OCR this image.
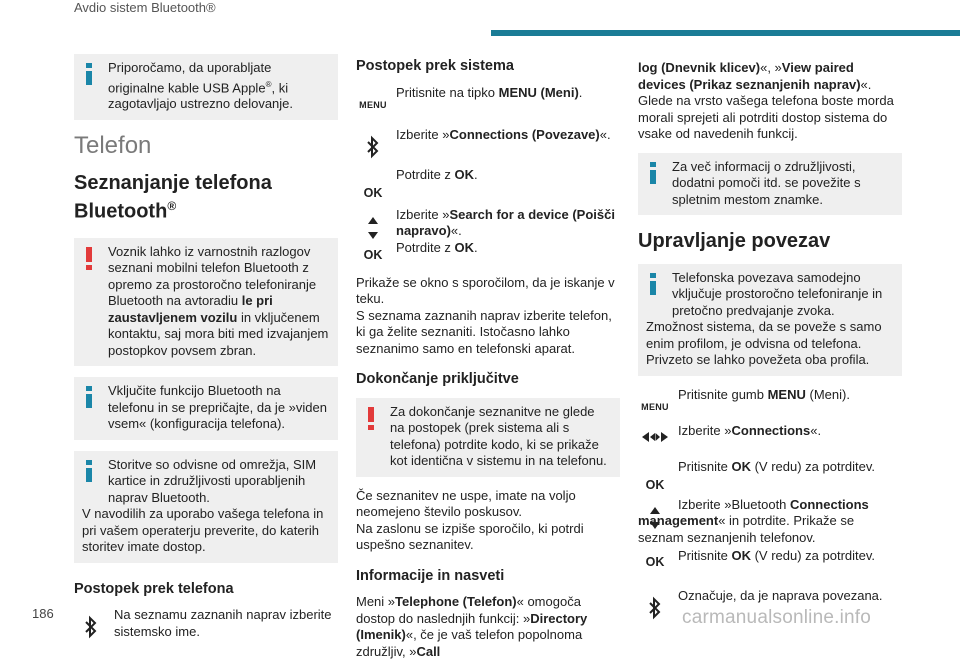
Avdio sistem Bluetooth®

Priporočamo, da uporabljate originalne kable USB Apple®, ki zagotavljajo ustrezno delovanje.

Telefon
Seznanjanje telefona Bluetooth®

Voznik lahko iz varnostnih razlogov seznani mobilni telefon Bluetooth z opremo za prostoročno telefoniranje Bluetooth na avtoradiu le pri zaustavljenem vozilu in vključenem kontaktu, saj mora biti med izvajanjem postopkov povsem zbran.

Vključite funkcijo Bluetooth na telefonu in se prepričajte, da je »viden vsem« (konfiguracija telefona).

Storitve so odvisne od omrežja, SIM kartice in združljivosti uporabljenih naprav Bluetooth.

V navodilih za uporabo vašega telefona in pri vašem operaterju preverite, do katerih storitev imate dostop.

Postopek prek telefona

Na seznamu zaznanih naprav izberite sistemsko ime.

Postopek prek sistema
MENU

Pritisnite na tipko MENU (Meni).

Izberite »Connections (Povezave)«.

OK

Potrdite z OK.

OK

Izberite »Search for a device (Poišči napravo)«.

Potrdite z OK.

Prikaže se okno s sporočilom, da je iskanje v teku.

S seznama zaznanih naprav izberite telefon, ki ga želite seznaniti. Istočasno lahko seznanimo samo en telefonski aparat.

Dokončanje priključitve

Za dokončanje seznanitve ne glede na postopek (prek sistema ali s telefona) potrdite kodo, ki se prikaže kot identična v sistemu in na telefonu.

Če seznanitev ne uspe, imate na voljo neomejeno število poskusov.

Na zaslonu se izpiše sporočilo, ki potrdi uspešno seznanitev.

Informacije in nasveti

Meni »Telephone (Telefon)« omogoča dostop do naslednjih funkcij: »Directory (Imenik)«, če je vaš telefon popolnoma združljiv, »Call

log (Dnevnik klicev)«, »View paired devices (Prikaz seznanjenih naprav)«.

Glede na vrsto vašega telefona boste morda morali sprejeti ali potrditi dostop sistema do vsake od navedenih funkcij.

Za več informacij o združljivosti, dodatni pomoči itd. se povežite s spletnim mestom znamke.

Upravljanje povezav

Telefonska povezava samodejno vključuje prostoročno telefoniranje in pretočno predvajanje zvoka.

Zmožnost sistema, da se poveže s samo enim profilom, je odvisna od telefona.

Privzeto se lahko povežeta oba profila.

MENU

Pritisnite gumb MENU (Meni).

Izberite »Connections«.

OK

Pritisnite OK (V redu) za potrditev.

Izberite »Bluetooth Connections management« in potrdite. Prikaže se seznam seznanjenih telefonov.

OK	Pritisnite OK (V redu) za potrditev.

Označuje, da je naprava povezana.

186	carmanualsonline.info
